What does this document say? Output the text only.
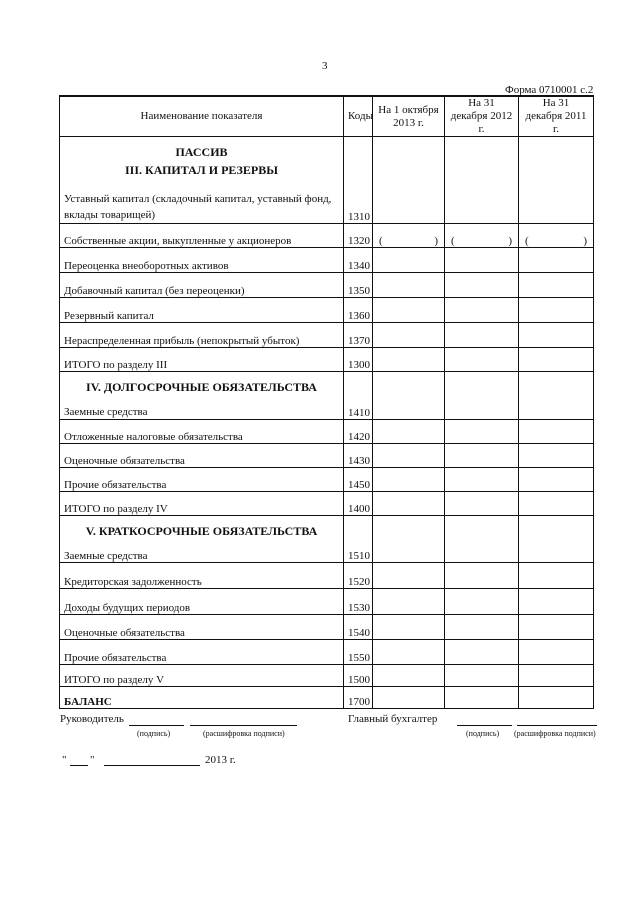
3
Форма 0710001 с.2
Наименование показателя	Коды	На 1 октября 2013 г.	На 31 декабря 2012 г.	На 31 декабря 2011 г.

ПАССИВ
III. КАПИТАЛ И РЕЗЕРВЫ
Уставный капитал (складочный капитал, уставный фонд, вклады товарищей)	1310			
Собственные акции, выкупленные у акционеров	1320	( )	( )	( )

Переоценка внеоборотных активов	1340			
Добавочный капитал (без переоценки)	1350			
Резервный капитал	1360			
Нераспределенная прибыль (непокрытый убыток)	1370			
ИТОГО по разделу III	1300			

IV. ДОЛГОСРОЧНЫЕ ОБЯЗАТЕЛЬСТВА
Заемные средства	1410			
Отложенные налоговые обязательства	1420			
Оценочные обязательства	1430			
Прочие обязательства	1450			
ИТОГО по разделу IV	1400			

V. КРАТКОСРОЧНЫЕ ОБЯЗАТЕЛЬСТВА
Заемные средства	1510			
Кредиторская задолженность	1520			
Доходы будущих периодов	1530			
Оценочные обязательства	1540			
Прочие обязательства	1550			
ИТОГО по разделу V	1500			
БАЛАНС	1700			
Руководитель
(подпись)	(расшифровка подписи)
Главный бухгалтер
(подпись) (расшифровка подписи)
" "	2013 г.
